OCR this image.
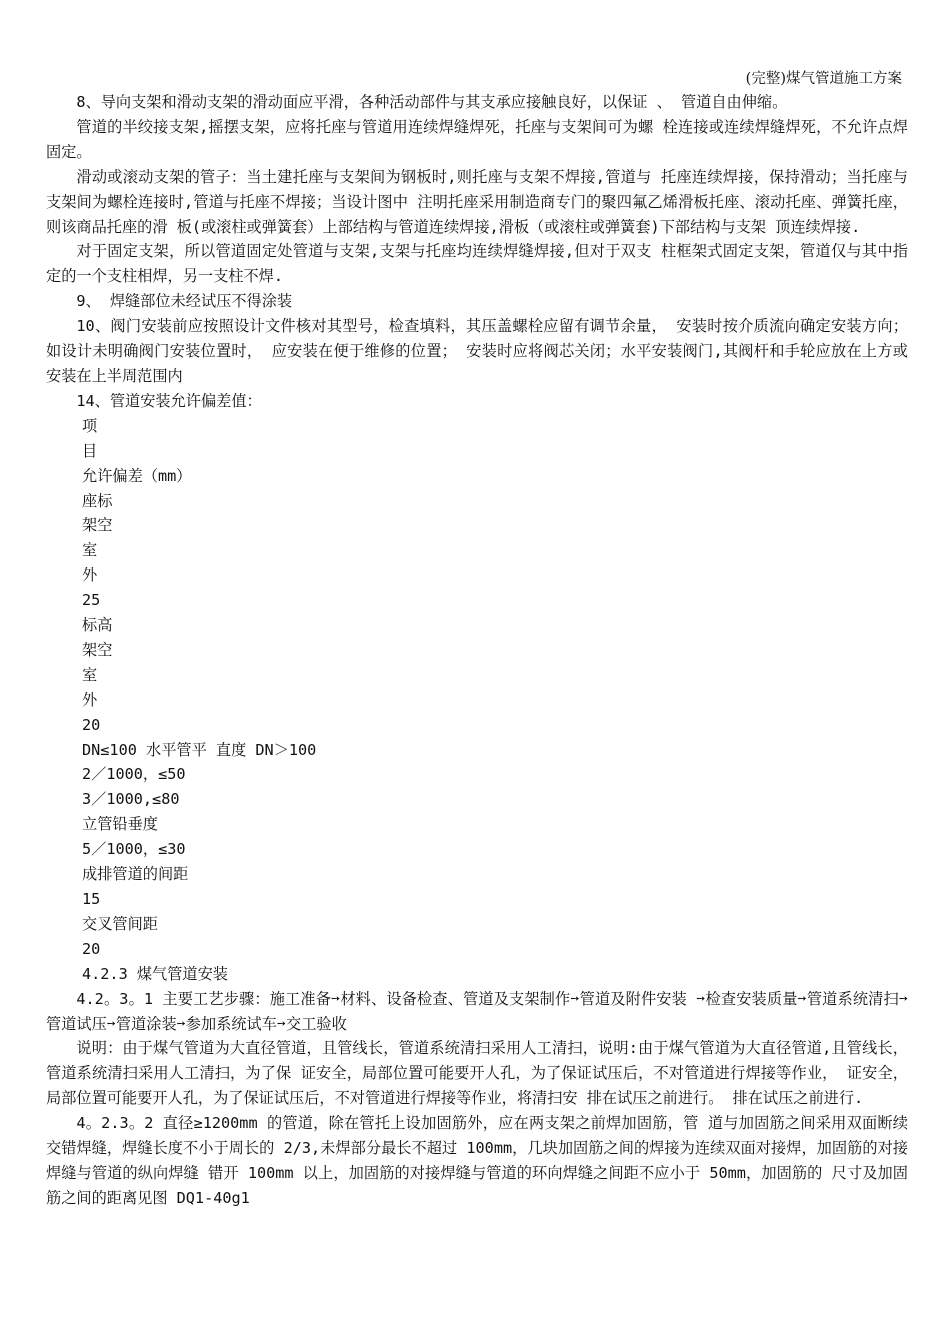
(完整)煤气管道施工方案

8、导向支架和滑动支架的滑动面应平滑，各种活动部件与其支承应接触良好，以保证 、 管道自由伸缩。

管道的半绞接支架,摇摆支架，应将托座与管道用连续焊缝焊死，托座与支架间可为螺 栓连接或连续焊缝焊死，不允许点焊固定。

滑动或滚动支架的管子：当土建托座与支架间为钢板时,则托座与支架不焊接,管道与 托座连续焊接，保持滑动；当托座与支架间为螺栓连接时,管道与托座不焊接；当设计图中 注明托座采用制造商专门的聚四氟乙烯滑板托座、滚动托座、弹簧托座，则该商品托座的滑 板(或滚柱或弹簧套）上部结构与管道连续焊接,滑板（或滚柱或弹簧套)下部结构与支架 顶连续焊接.

对于固定支架，所以管道固定处管道与支架,支架与托座均连续焊缝焊接,但对于双支 柱框架式固定支架，管道仅与其中指定的一个支柱相焊，另一支柱不焊.

9、 焊缝部位未经试压不得涂装

10、阀门安装前应按照设计文件核对其型号，检查填料，其压盖螺栓应留有调节余量， 安装时按介质流向确定安装方向；如设计未明确阀门安装位置时， 应安装在便于维修的位置； 安装时应将阀芯关闭；水平安装阀门,其阀杆和手轮应放在上方或安装在上半周范围内

14、管道安装允许偏差值：

项

目

允许偏差（mm）

座标

架空

室

外

25

标高

架空

室

外

20

DN≤100 水平管平 直度 DN＞100

2／1000，≤50

3／1000,≤80

立管铅垂度

5／1000，≤30

成排管道的间距

15

交叉管间距

20

4.2.3 煤气管道安装

4.2。3。1 主要工艺步骤：施工准备➙材料、设备检查、管道及支架制作➙管道及附件安装 ➙检查安装质量➙管道系统清扫➙管道试压➙管道涂装➙参加系统试车➙交工验收

说明：由于煤气管道为大直径管道，且管线长，管道系统清扫采用人工清扫，说明:由于煤气管道为大直径管道,且管线长，管道系统清扫采用人工清扫，为了保 证安全，局部位置可能要开人孔，为了保证试压后，不对管道进行焊接等作业， 证安全，局部位置可能要开人孔，为了保证试压后，不对管道进行焊接等作业，将清扫安 排在试压之前进行。 排在试压之前进行.

4。2.3。2 直径≥1200mm 的管道，除在管托上设加固筋外，应在两支架之前焊加固筋，管 道与加固筋之间采用双面断续交错焊缝，焊缝长度不小于周长的 2/3,未焊部分最长不超过 100mm，几块加固筋之间的焊接为连续双面对接焊，加固筋的对接焊缝与管道的纵向焊缝 错开 100mm 以上，加固筋的对接焊缝与管道的环向焊缝之间距不应小于 50mm，加固筋的 尺寸及加固筋之间的距离见图 DQ1-40g1
